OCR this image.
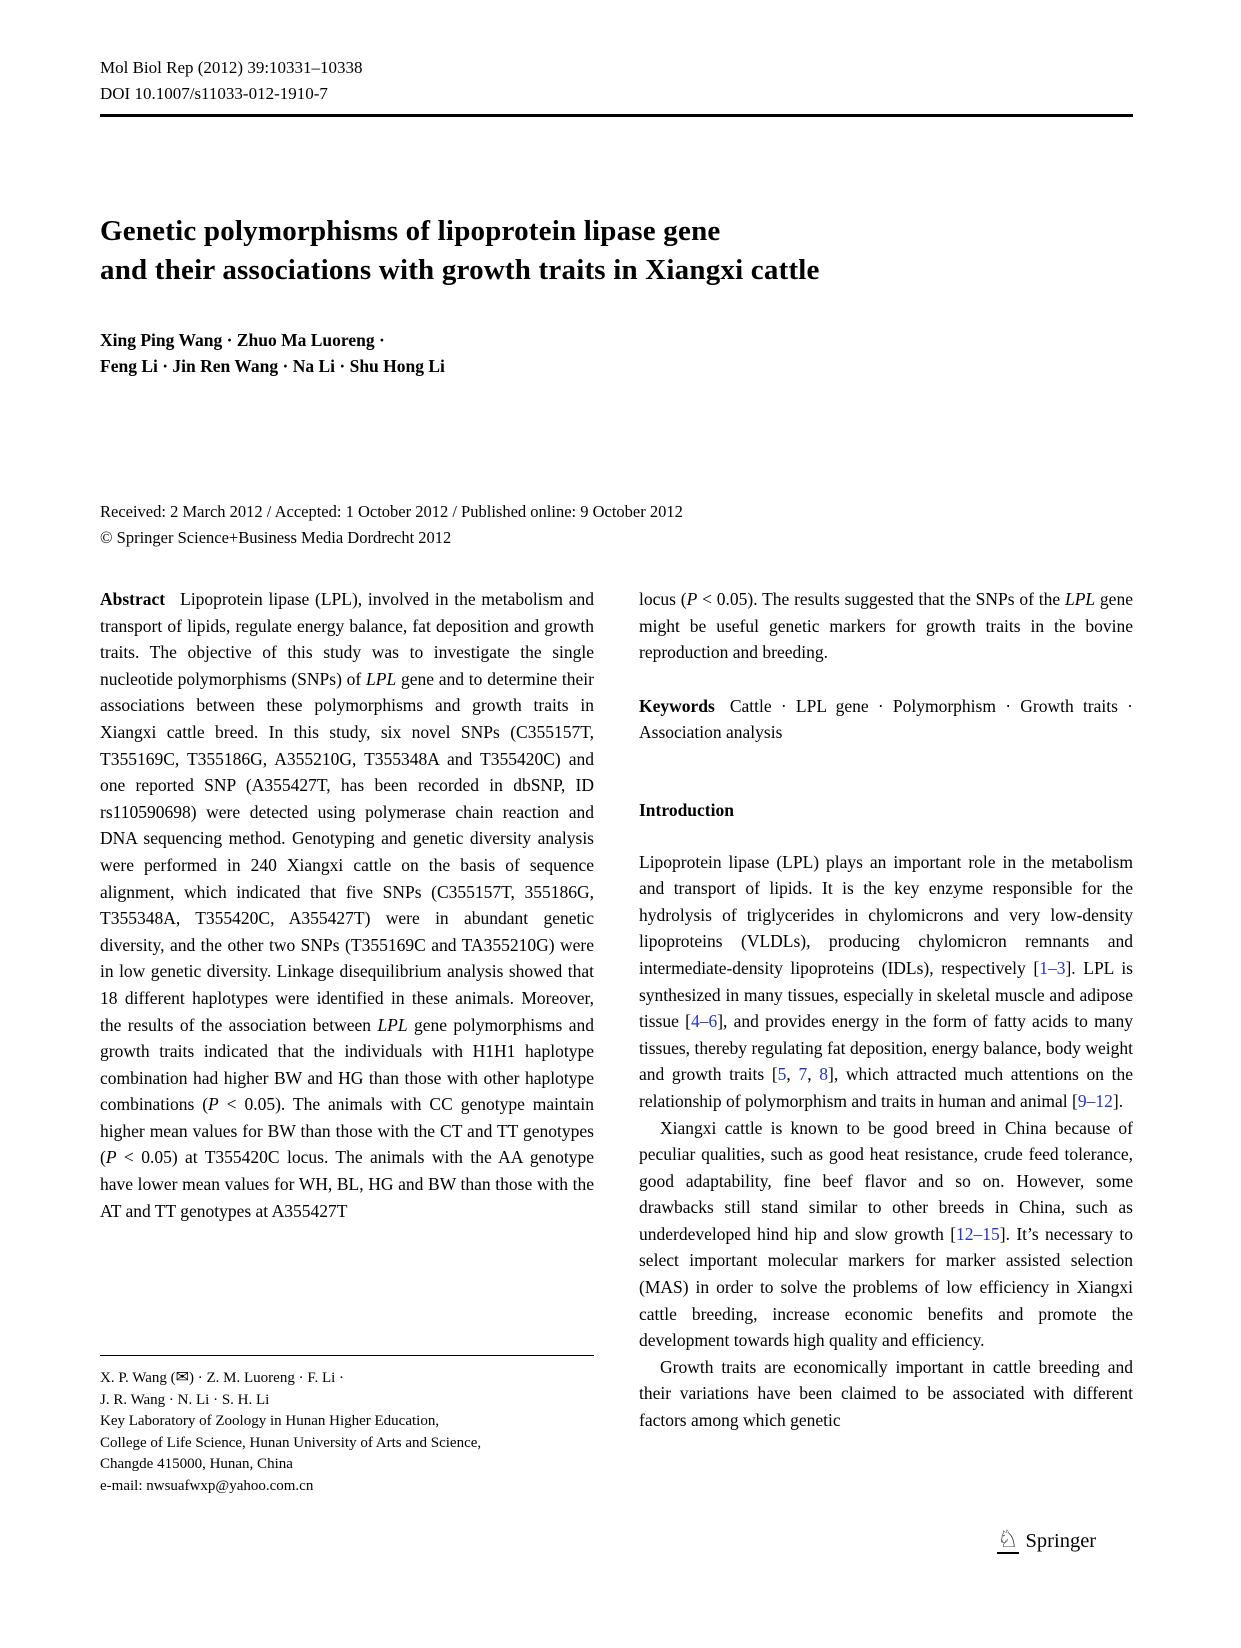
Mol Biol Rep (2012) 39:10331–10338
DOI 10.1007/s11033-012-1910-7
Genetic polymorphisms of lipoprotein lipase gene
and their associations with growth traits in Xiangxi cattle
Xing Ping Wang · Zhuo Ma Luoreng ·
Feng Li · Jin Ren Wang · Na Li · Shu Hong Li
Received: 2 March 2012 / Accepted: 1 October 2012 / Published online: 9 October 2012
© Springer Science+Business Media Dordrecht 2012
Abstract Lipoprotein lipase (LPL), involved in the metabolism and transport of lipids, regulate energy balance, fat deposition and growth traits. The objective of this study was to investigate the single nucleotide polymorphisms (SNPs) of LPL gene and to determine their associations between these polymorphisms and growth traits in Xiangxi cattle breed. In this study, six novel SNPs (C355157T, T355169C, T355186G, A355210G, T355348A and T355420C) and one reported SNP (A355427T, has been recorded in dbSNP, ID rs110590698) were detected using polymerase chain reaction and DNA sequencing method. Genotyping and genetic diversity analysis were performed in 240 Xiangxi cattle on the basis of sequence alignment, which indicated that five SNPs (C355157T, 355186G, T355348A, T355420C, A355427T) were in abundant genetic diversity, and the other two SNPs (T355169C and TA355210G) were in low genetic diversity. Linkage disequilibrium analysis showed that 18 different haplotypes were identified in these animals. Moreover, the results of the association between LPL gene polymorphisms and growth traits indicated that the individuals with H1H1 haplotype combination had higher BW and HG than those with other haplotype combinations (P < 0.05). The animals with CC genotype maintain higher mean values for BW than those with the CT and TT genotypes (P < 0.05) at T355420C locus. The animals with the AA genotype have lower mean values for WH, BL, HG and BW than those with the AT and TT genotypes at A355427T
locus (P < 0.05). The results suggested that the SNPs of the LPL gene might be useful genetic markers for growth traits in the bovine reproduction and breeding.
Keywords Cattle · LPL gene · Polymorphism · Growth traits · Association analysis
Introduction
Lipoprotein lipase (LPL) plays an important role in the metabolism and transport of lipids. It is the key enzyme responsible for the hydrolysis of triglycerides in chylomicrons and very low-density lipoproteins (VLDLs), producing chylomicron remnants and intermediate-density lipoproteins (IDLs), respectively [1–3]. LPL is synthesized in many tissues, especially in skeletal muscle and adipose tissue [4–6], and provides energy in the form of fatty acids to many tissues, thereby regulating fat deposition, energy balance, body weight and growth traits [5, 7, 8], which attracted much attentions on the relationship of polymorphism and traits in human and animal [9–12].
Xiangxi cattle is known to be good breed in China because of peculiar qualities, such as good heat resistance, crude feed tolerance, good adaptability, fine beef flavor and so on. However, some drawbacks still stand similar to other breeds in China, such as underdeveloped hind hip and slow growth [12–15]. It’s necessary to select important molecular markers for marker assisted selection (MAS) in order to solve the problems of low efficiency in Xiangxi cattle breeding, increase economic benefits and promote the development towards high quality and efficiency.
Growth traits are economically important in cattle breeding and their variations have been claimed to be associated with different factors among which genetic
X. P. Wang (✉) · Z. M. Luoreng · F. Li ·
J. R. Wang · N. Li · S. H. Li
Key Laboratory of Zoology in Hunan Higher Education,
College of Life Science, Hunan University of Arts and Science,
Changde 415000, Hunan, China
e-mail: nwsuafwxp@yahoo.com.cn
♘ Springer
